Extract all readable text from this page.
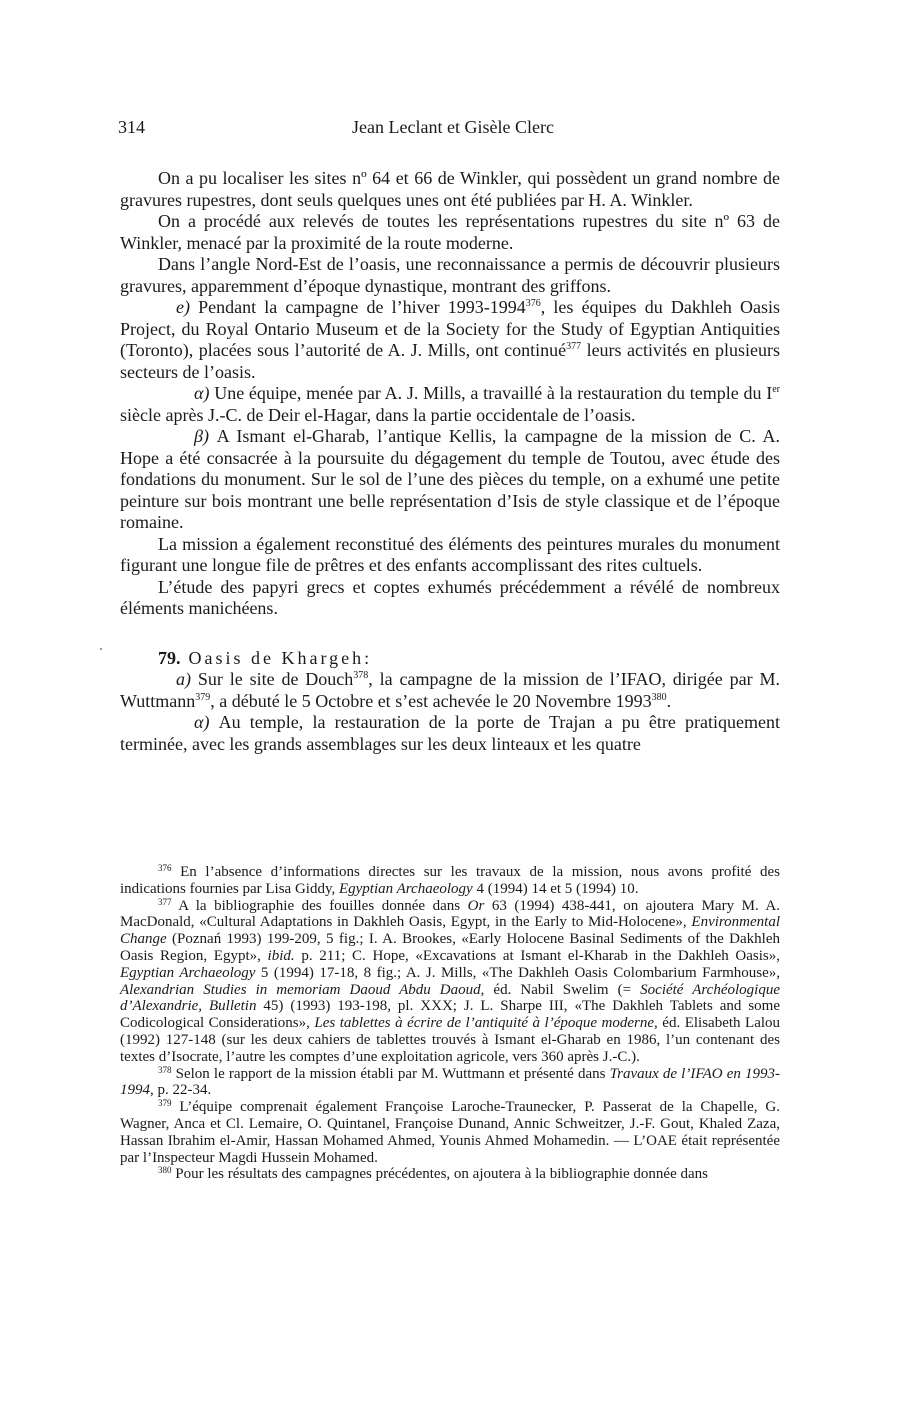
314	Jean Leclant et Gisèle Clerc

On a pu localiser les sites nº 64 et 66 de Winkler, qui possèdent un grand nombre de gravures rupestres, dont seuls quelques unes ont été publiées par H. A. Winkler.

On a procédé aux relevés de toutes les représentations rupestres du site nº 63 de Winkler, menacé par la proximité de la route moderne.

Dans l’angle Nord-Est de l’oasis, une reconnaissance a permis de découvrir plusieurs gravures, apparemment d’époque dynastique, montrant des griffons.

e) Pendant la campagne de l’hiver 1993-1994$^{376}$, les équipes du Dakhleh Oasis Project, du Royal Ontario Museum et de la Society for the Study of Egyptian Antiquities (Toronto), placées sous l’autorité de A. J. Mills, ont continué$^{377}$ leurs activités en plusieurs secteurs de l’oasis.

α) Une équipe, menée par A. J. Mills, a travaillé à la restauration du temple du Ier siècle après J.-C. de Deir el-Hagar, dans la partie occidentale de l’oasis.

β) A Ismant el-Gharab, l’antique Kellis, la campagne de la mission de C. A. Hope a été consacrée à la poursuite du dégagement du temple de Toutou, avec étude des fondations du monument. Sur le sol de l’une des pièces du temple, on a exhumé une petite peinture sur bois montrant une belle représentation d’Isis de style classique et de l’époque romaine.

La mission a également reconstitué des éléments des peintures murales du monument figurant une longue file de prêtres et des enfants accomplissant des rites cultuels.

L’étude des papyri grecs et coptes exhumés précédemment a révélé de nombreux éléments manichéens.

79. Oasis de Khargeh:

a) Sur le site de Douch$^{378}$, la campagne de la mission de l’IFAO, dirigée par M. Wuttmann$^{379}$, a débuté le 5 Octobre et s’est achevée le 20 Novembre 1993$^{380}$.

α) Au temple, la restauration de la porte de Trajan a pu être pratiquement terminée, avec les grands assemblages sur les deux linteaux et les quatre

$^{376}$ En l’absence d’informations directes sur les travaux de la mission, nous avons profité des indications fournies par Lisa Giddy, Egyptian Archaeology 4 (1994) 14 et 5 (1994) 10.

$^{377}$ A la bibliographie des fouilles donnée dans Or 63 (1994) 438-441, on ajoutera Mary M. A. MacDonald, «Cultural Adaptations in Dakhleh Oasis, Egypt, in the Early to Mid-Holocene», Environmental Change (Poznań 1993) 199-209, 5 fig.; I. A. Brookes, «Early Holocene Basinal Sediments of the Dakhleh Oasis Region, Egypt», ibid. p. 211; C. Hope, «Excavations at Ismant el-Kharab in the Dakhleh Oasis», Egyptian Archaeology 5 (1994) 17-18, 8 fig.; A. J. Mills, «The Dakhleh Oasis Colombarium Farmhouse», Alexandrian Studies in memoriam Daoud Abdu Daoud, éd. Nabil Swelim (= Société Archéologique d’Alexandrie, Bulletin 45) (1993) 193-198, pl. XXX; J. L. Sharpe III, «The Dakhleh Tablets and some Codicological Considerations», Les tablettes à écrire de l’antiquité à l’époque moderne, éd. Elisabeth Lalou (1992) 127-148 (sur les deux cahiers de tablettes trouvés à Ismant el-Gharab en 1986, l’un contenant des textes d’Isocrate, l’autre les comptes d’une exploitation agricole, vers 360 après J.-C.).

$^{378}$ Selon le rapport de la mission établi par M. Wuttmann et présenté dans Travaux de l’IFAO en 1993-1994, p. 22-34.

$^{379}$ L’équipe comprenait également Françoise Laroche-Traunecker, P. Passerat de la Chapelle, G. Wagner, Anca et Cl. Lemaire, O. Quintanel, Françoise Dunand, Annic Schweitzer, J.-F. Gout, Khaled Zaza, Hassan Ibrahim el-Amir, Hassan Mohamed Ahmed, Younis Ahmed Mohamedin. — L’OAE était représentée par l’Inspecteur Magdi Hussein Mohamed.

$^{380}$ Pour les résultats des campagnes précédentes, on ajoutera à la bibliographie donnée dans
